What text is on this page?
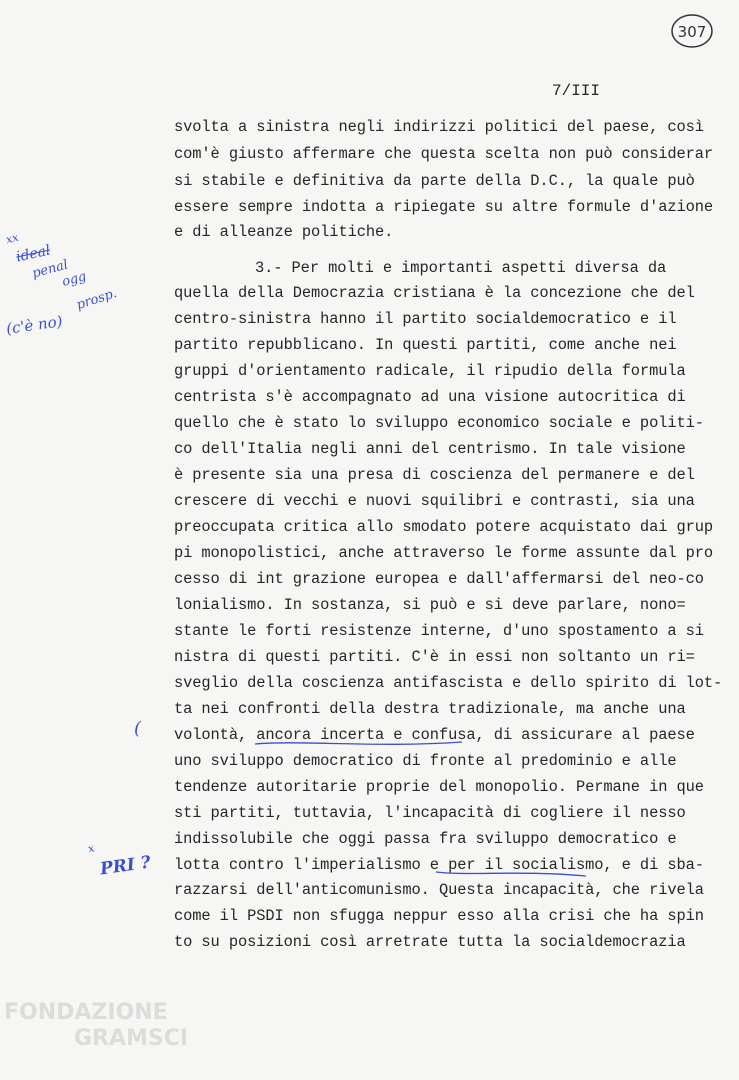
307
7/III
svolta a sinistra negli indirizzi politici del paese, così
com'è giusto affermare che questa scelta non può considerar
si stabile e definitiva da parte della D.C., la quale può
essere sempre indotta a ripiegate su altre formule d'azione
e di alleanze politiche.
3.- Per molti e importanti aspetti diversa da
quella della Democrazia cristiana è la concezione che del
centro-sinistra hanno il partito socialdemocratico e il
partito repubblicano. In questi partiti, come anche nei
gruppi d'orientamento radicale, il ripudio della formula
centrista s'è accompagnato ad una visione autocritica di
quello che è stato lo sviluppo economico sociale e politi-
co dell'Italia negli anni del centrismo. In tale visione
è presente sia una presa di coscienza del permanere e del
crescere di vecchi e nuovi squilibri e contrasti, sia una
preoccupata critica allo smodato potere acquistato dai grup
pi monopolistici, anche attraverso le forme assunte dal pro
cesso di int grazione europea e dall'affermarsi del neo-co
lonialismo. In sostanza, si può e si deve parlare, nono=
stante le forti resistenze interne, d'uno spostamento a si
nistra di questi partiti. C'è in essi non soltanto un ri=
sveglio della coscienza antifascista e dello spirito di lot-
ta nei confronti della destra tradizionale, ma anche una
volontà, ancora incerta e confusa, di assicurare al paese
uno sviluppo democratico di fronte al predominio e alle
tendenze autoritarie proprie del monopolio. Permane in que
sti partiti, tuttavia, l'incapacità di cogliere il nesso
indissolubile che oggi passa fra sviluppo democratico e
lotta contro l'imperialismo e per il socialismo, e di sba-
razzarsi dell'anticomunismo. Questa incapacità, che rivela
come il PSDI non sfugga neppur esso alla crisi che ha spin
to su posizioni così arretrate tutta la socialdemocrazia
xx
ideal
penal
ogg
prosp.
(c'è no)
(
x
PRI ?
FONDAZIONE
GRAMSCI
